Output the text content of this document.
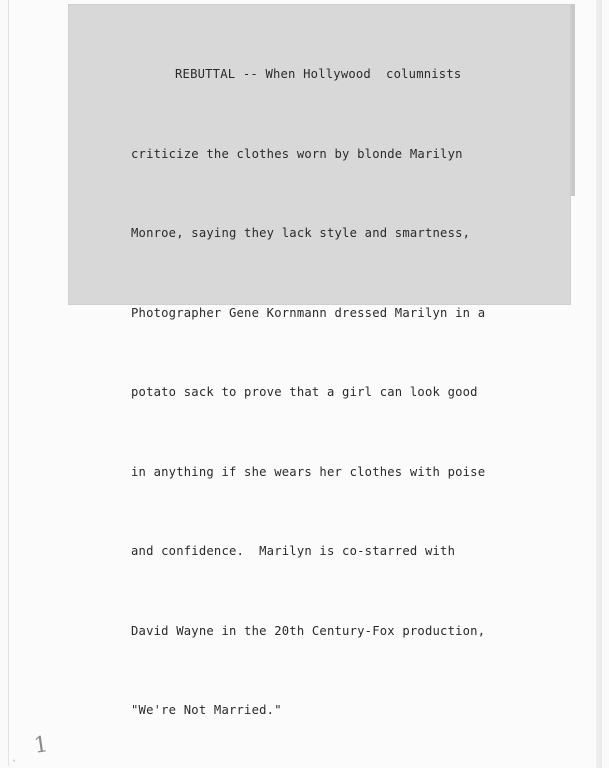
REBUTTAL -- When Hollywood  columnists

criticize the clothes worn by blonde Marilyn

Monroe, saying they lack style and smartness,

Photographer Gene Kornmann dressed Marilyn in a

potato sack to prove that a girl can look good

in anything if she wears her clothes with poise

and confidence.  Marilyn is co-starred with

David Wayne in the 20th Century-Fox production,

"We're Not Married."

1
ˎ
